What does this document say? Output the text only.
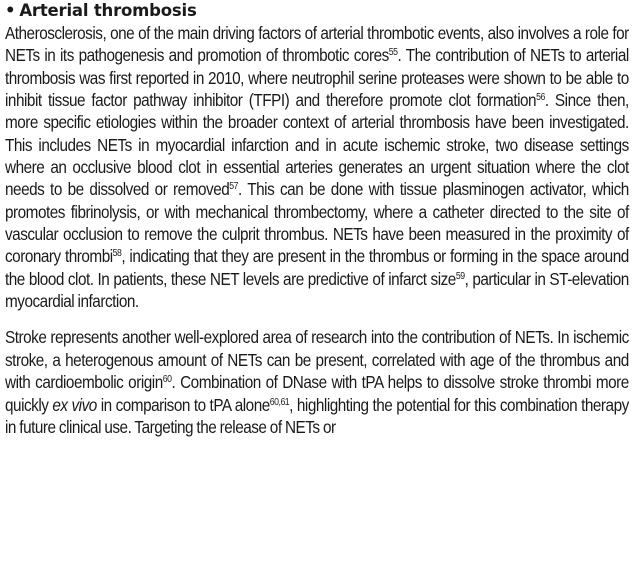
• Arterial thrombosis

Atherosclerosis, one of the main driving factors of arterial thrombotic events, also involves a role for NETs in its pathogenesis and promotion of thrombotic cores$^{55}$. The contribution of NETs to arterial thrombosis was first reported in 2010, where neutrophil serine proteases were shown to be able to inhibit tissue factor pathway inhibitor (TFPI) and therefore promote clot formation$^{56}$. Since then, more specific etiologies within the broader context of arterial thrombosis have been investigated. This includes NETs in myocardial infarction and in acute ischemic stroke, two disease settings where an occlusive blood clot in essential arteries generates an urgent situation where the clot needs to be dissolved or removed$^{57}$. This can be done with tissue plasminogen activator, which promotes fibrinolysis, or with mechanical thrombectomy, where a catheter directed to the site of vascular occlusion to remove the culprit thrombus. NETs have been measured in the proximity of coronary thrombi$^{58}$, indicating that they are present in the thrombus or forming in the space around the blood clot. In patients, these NET levels are predictive of infarct size$^{59}$, particular in ST-elevation myocardial infarction.

Stroke represents another well-explored area of research into the contribution of NETs. In ischemic stroke, a heterogenous amount of NETs can be present, correlated with age of the thrombus and with cardioembolic origin$^{60}$. Combination of DNase with tPA helps to dissolve stroke thrombi more quickly ex vivo in comparison to tPA alone$^{60,61}$, highlighting the potential for this combination therapy in future clinical use. Targeting the release of NETs or
